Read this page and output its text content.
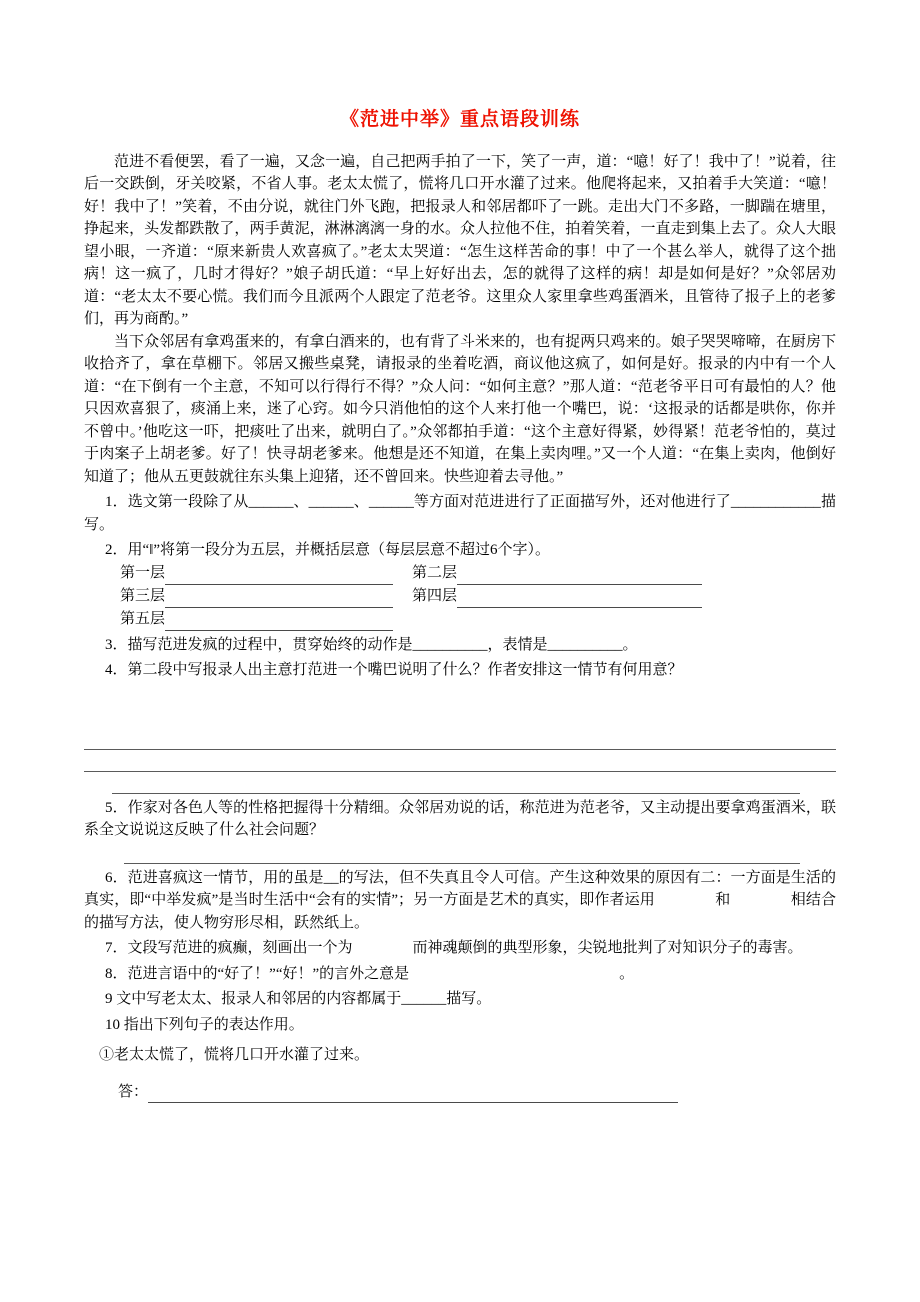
《范进中举》重点语段训练

范进不看便罢，看了一遍，又念一遍，自己把两手拍了一下，笑了一声，道：“噫！好了！我中了！”说着，往后一交跌倒，牙关咬紧，不省人事。老太太慌了，慌将几口开水灌了过来。他爬将起来，又拍着手大笑道：“噫！好！我中了！”笑着，不由分说，就往门外飞跑，把报录人和邻居都吓了一跳。走出大门不多路，一脚踹在塘里，挣起来，头发都跌散了，两手黄泥，淋淋漓漓一身的水。众人拉他不住，拍着笑着，一直走到集上去了。众人大眼望小眼，一齐道：“原来新贵人欢喜疯了。”老太太哭道：“怎生这样苦命的事！中了一个甚么举人，就得了这个拙病！这一疯了，几时才得好？”娘子胡氏道：“早上好好出去，怎的就得了这样的病！却是如何是好？”众邻居劝道：“老太太不要心慌。我们而今且派两个人跟定了范老爷。这里众人家里拿些鸡蛋酒米，且管待了报子上的老爹们，再为商酌。”

当下众邻居有拿鸡蛋来的，有拿白酒来的，也有背了斗米来的，也有捉两只鸡来的。娘子哭哭啼啼，在厨房下收拾齐了，拿在草棚下。邻居又搬些桌凳，请报录的坐着吃酒，商议他这疯了，如何是好。报录的内中有一个人道：“在下倒有一个主意，不知可以行得行不得？”众人问：“如何主意？”那人道：“范老爷平日可有最怕的人？他只因欢喜狠了，痰涌上来，迷了心窍。如今只消他怕的这个人来打他一个嘴巴，说：‘这报录的话都是哄你，你并不曾中。’他吃这一吓，把痰吐了出来，就明白了。”众邻都拍手道：“这个主意好得紧，妙得紧！范老爷怕的，莫过于肉案子上胡老爹。好了！快寻胡老爹来。他想是还不知道，在集上卖肉哩。”又一个人道：“在集上卖肉，他倒好知道了；他从五更鼓就往东头集上迎猪，还不曾回来。快些迎着去寻他。”

1．选文第一段除了从______、______、______等方面对范进进行了正面描写外，还对他进行了____________描写。

2．用“‖”将第一段分为五层，并概括层意（每层层意不超过6个字）。

第一层	第二层
第三层	第四层
第五层

3．描写范进发疯的过程中，贯穿始终的动作是__________，表情是__________。

4．第二段中写报录人出主意打范进一个嘴巴说明了什么？作者安排这一情节有何用意？

5．作家对各色人等的性格把握得十分精细。众邻居劝说的话，称范进为范老爷，又主动提出要拿鸡蛋酒米，联系全文说说这反映了什么社会问题？

6．范进喜疯这一情节，用的虽是__的写法，但不失真且令人可信。产生这种效果的原因有二：一方面是生活的真实，即“中举发疯”是当时生活中“会有的实情”；另一方面是艺术的真实，即作者运用　　　　和　　　　相结合的描写方法，使人物穷形尽相，跃然纸上。

7．文段写范进的疯癫，刻画出一个为　　　　而神魂颠倒的典型形象，尖锐地批判了对知识分子的毒害。

8．范进言语中的“好了！”“好！”的言外之意是　　　　　　　　　　　　　　。

9 文中写老太太、报录人和邻居的内容都属于______描写。

10 指出下列句子的表达作用。

①老太太慌了，慌将几口开水灌了过来。

答：
